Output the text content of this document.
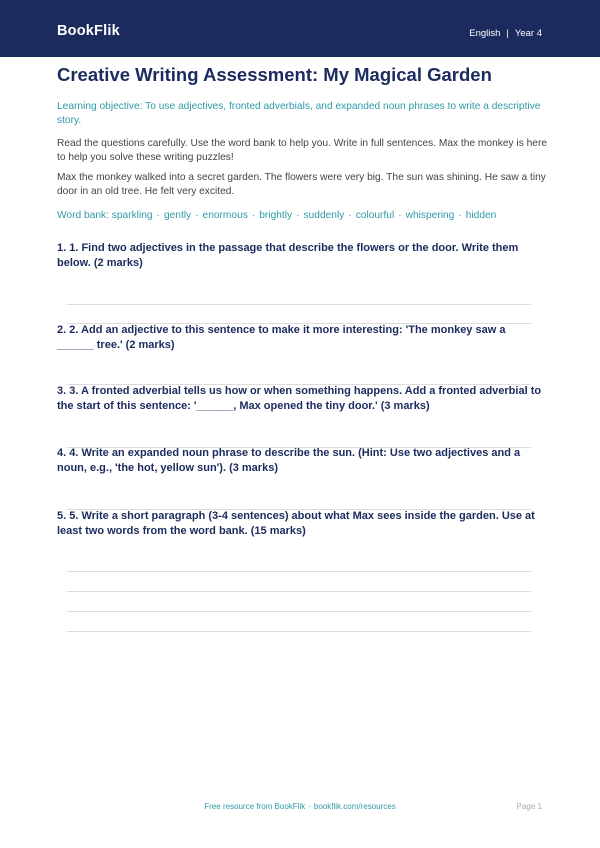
BookFlik	English | Year 4
Creative Writing Assessment: My Magical Garden
Learning objective: To use adjectives, fronted adverbials, and expanded noun phrases to write a descriptive story.
Read the questions carefully. Use the word bank to help you. Write in full sentences. Max the monkey is here to help you solve these writing puzzles!
Max the monkey walked into a secret garden. The flowers were very big. The sun was shining. He saw a tiny door in an old tree. He felt very excited.
Word bank: sparkling · gently · enormous · brightly · suddenly · colourful · whispering · hidden
1. 1. Find two adjectives in the passage that describe the flowers or the door. Write them below. (2 marks)
2. 2. Add an adjective to this sentence to make it more interesting: 'The monkey saw a ______ tree.' (2 marks)
3. 3. A fronted adverbial tells us how or when something happens. Add a fronted adverbial to the start of this sentence: '______, Max opened the tiny door.' (3 marks)
4. 4. Write an expanded noun phrase to describe the sun. (Hint: Use two adjectives and a noun, e.g., 'the hot, yellow sun'). (3 marks)
5. 5. Write a short paragraph (3-4 sentences) about what Max sees inside the garden. Use at least two words from the word bank. (15 marks)
Free resource from BookFlik · bookflik.com/resources	Page 1
